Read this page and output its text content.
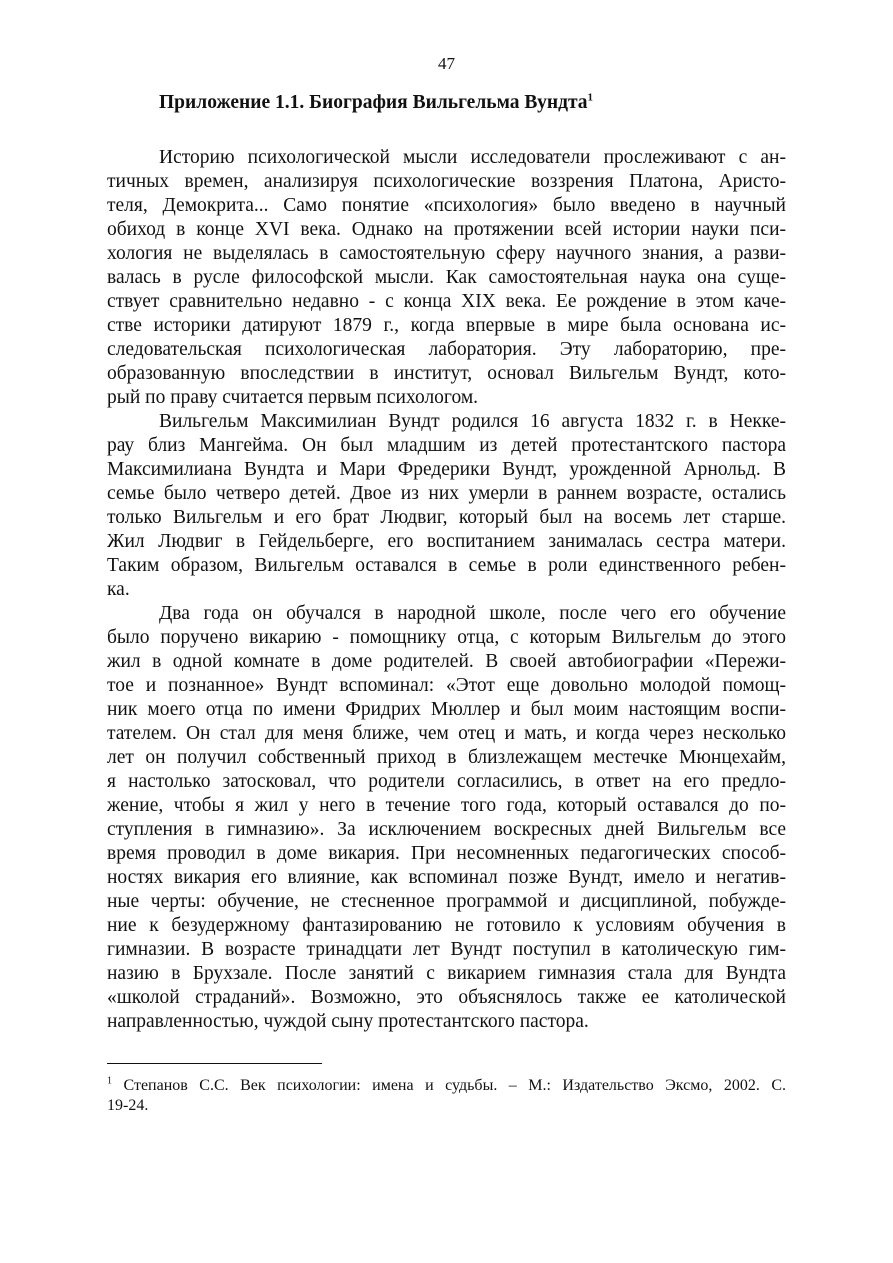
47
Приложение 1.1. Биография Вильгельма Вундта$^1$
Историю психологической мысли исследователи прослеживают с ан-
тичных времен, анализируя психологические воззрения Платона, Аристо-
теля, Демокрита... Само понятие «психология» было введено в научный
обиход в конце XVI века. Однако на протяжении всей истории науки пси-
хология не выделялась в самостоятельную сферу научного знания, а разви-
валась в русле философской мысли. Как самостоятельная наука она суще-
ствует сравнительно недавно - с конца XIX века. Ее рождение в этом каче-
стве историки датируют 1879 г., когда впервые в мире была основана ис-
следовательская психологическая лаборатория. Эту лабораторию, пре-
образованную впоследствии в институт, основал Вильгельм Вундт, кото-
рый по праву считается первым психологом.
Вильгельм Максимилиан Вундт родился 16 августа 1832 г. в Некке-
рау близ Мангейма. Он был младшим из детей протестантского пастора
Максимилиана Вундта и Мари Фредерики Вундт, урожденной Арнольд. В
семье было четверо детей. Двое из них умерли в раннем возрасте, остались
только Вильгельм и его брат Людвиг, который был на восемь лет старше.
Жил Людвиг в Гейдельберге, его воспитанием занималась сестра матери.
Таким образом, Вильгельм оставался в семье в роли единственного ребен-
ка.
Два года он обучался в народной школе, после чего его обучение
было поручено викарию - помощнику отца, с которым Вильгельм до этого
жил в одной комнате в доме родителей. В своей автобиографии «Пережи-
тое и познанное» Вундт вспоминал: «Этот еще довольно молодой помощ-
ник моего отца по имени Фридрих Мюллер и был моим настоящим воспи-
тателем. Он стал для меня ближе, чем отец и мать, и когда через несколько
лет он получил собственный приход в близлежащем местечке Мюнцехайм,
я настолько затосковал, что родители согласились, в ответ на его предло-
жение, чтобы я жил у него в течение того года, который оставался до по-
ступления в гимназию». За исключением воскресных дней Вильгельм все
время проводил в доме викария. При несомненных педагогических способ-
ностях викария его влияние, как вспоминал позже Вундт, имело и негатив-
ные черты: обучение, не стесненное программой и дисциплиной, побужде-
ние к безудержному фантазированию не готовило к условиям обучения в
гимназии. В возрасте тринадцати лет Вундт поступил в католическую гим-
назию в Брухзале. После занятий с викарием гимназия стала для Вундта
«школой страданий». Возможно, это объяснялось также ее католической
направленностью, чуждой сыну протестантского пастора.
$^1$ Степанов С.С. Век психологии: имена и судьбы. – М.: Издательство Эксмо, 2002. С.
19-24.
